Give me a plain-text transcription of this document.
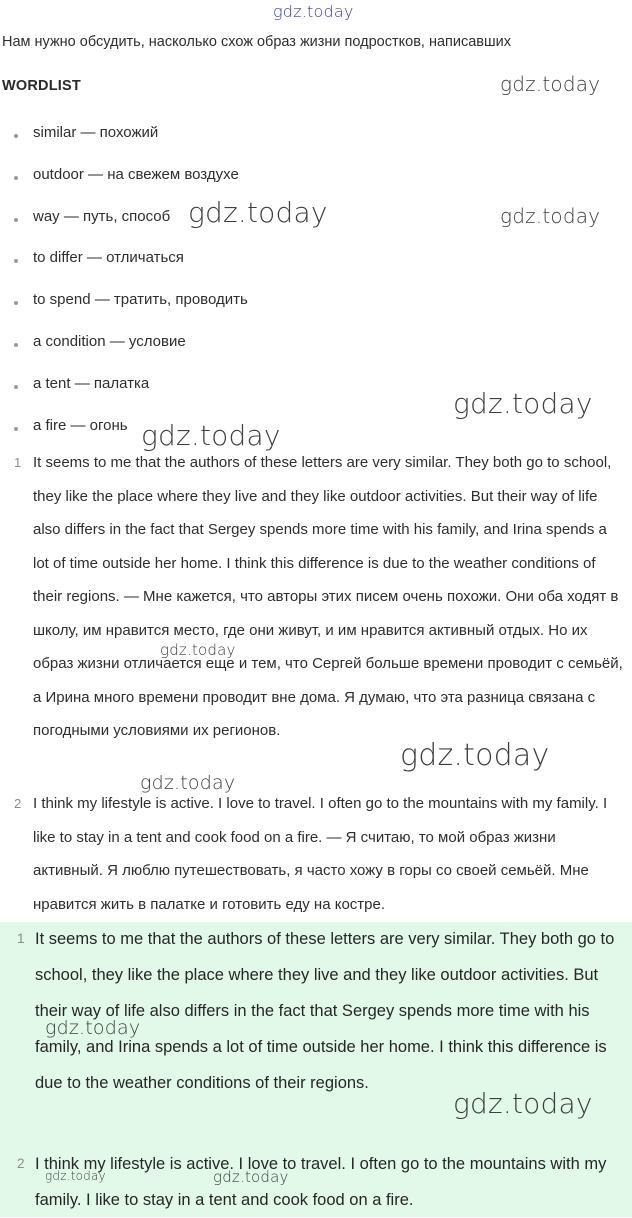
Нам нужно обсудить, насколько схож образ жизни подростков, написавших
WORDLIST
similar — похожий
outdoor — на свежем воздухе
way — путь, способ
to differ — отличаться
to spend — тратить, проводить
a condition — условие
a tent — палатка
a fire — огонь
1 It seems to me that the authors of these letters are very similar. They both go to school, they like the place where they live and they like outdoor activities. But their way of life also differs in the fact that Sergey spends more time with his family, and Irina spends a lot of time outside her home. I think this difference is due to the weather conditions of their regions. — Мне кажется, что авторы этих писем очень похожи. Они оба ходят в школу, им нравится место, где они живут, и им нравится активный отдых. Но их образ жизни отличается еще и тем, что Сергей больше времени проводит с семьёй, а Ирина много времени проводит вне дома. Я думаю, что эта разница связана с погодными условиями их регионов.

2 I think my lifestyle is active. I love to travel. I often go to the mountains with my family. I like to stay in a tent and cook food on a fire. — Я считаю, то мой образ жизни активный. Я люблю путешествовать, я часто хожу в горы со своей семьёй. Мне нравится жить в палатке и готовить еду на костре.

1 It seems to me that the authors of these letters are very similar. They both go to school, they like the place where they live and they like outdoor activities. But their way of life also differs in the fact that Sergey spends more time with his family, and Irina spends a lot of time outside her home. I think this difference is due to the weather conditions of their regions.

2 I think my lifestyle is active. I love to travel. I often go to the mountains with my family. I like to stay in a tent and cook food on a fire.

gdz.today
gdz.today
gdz.today	gdz.today
gdz.today
gdz.today
gdz.today
gdz.today
gdz.today
gdz.today
gdz.today
gdz.today	gdz.today
